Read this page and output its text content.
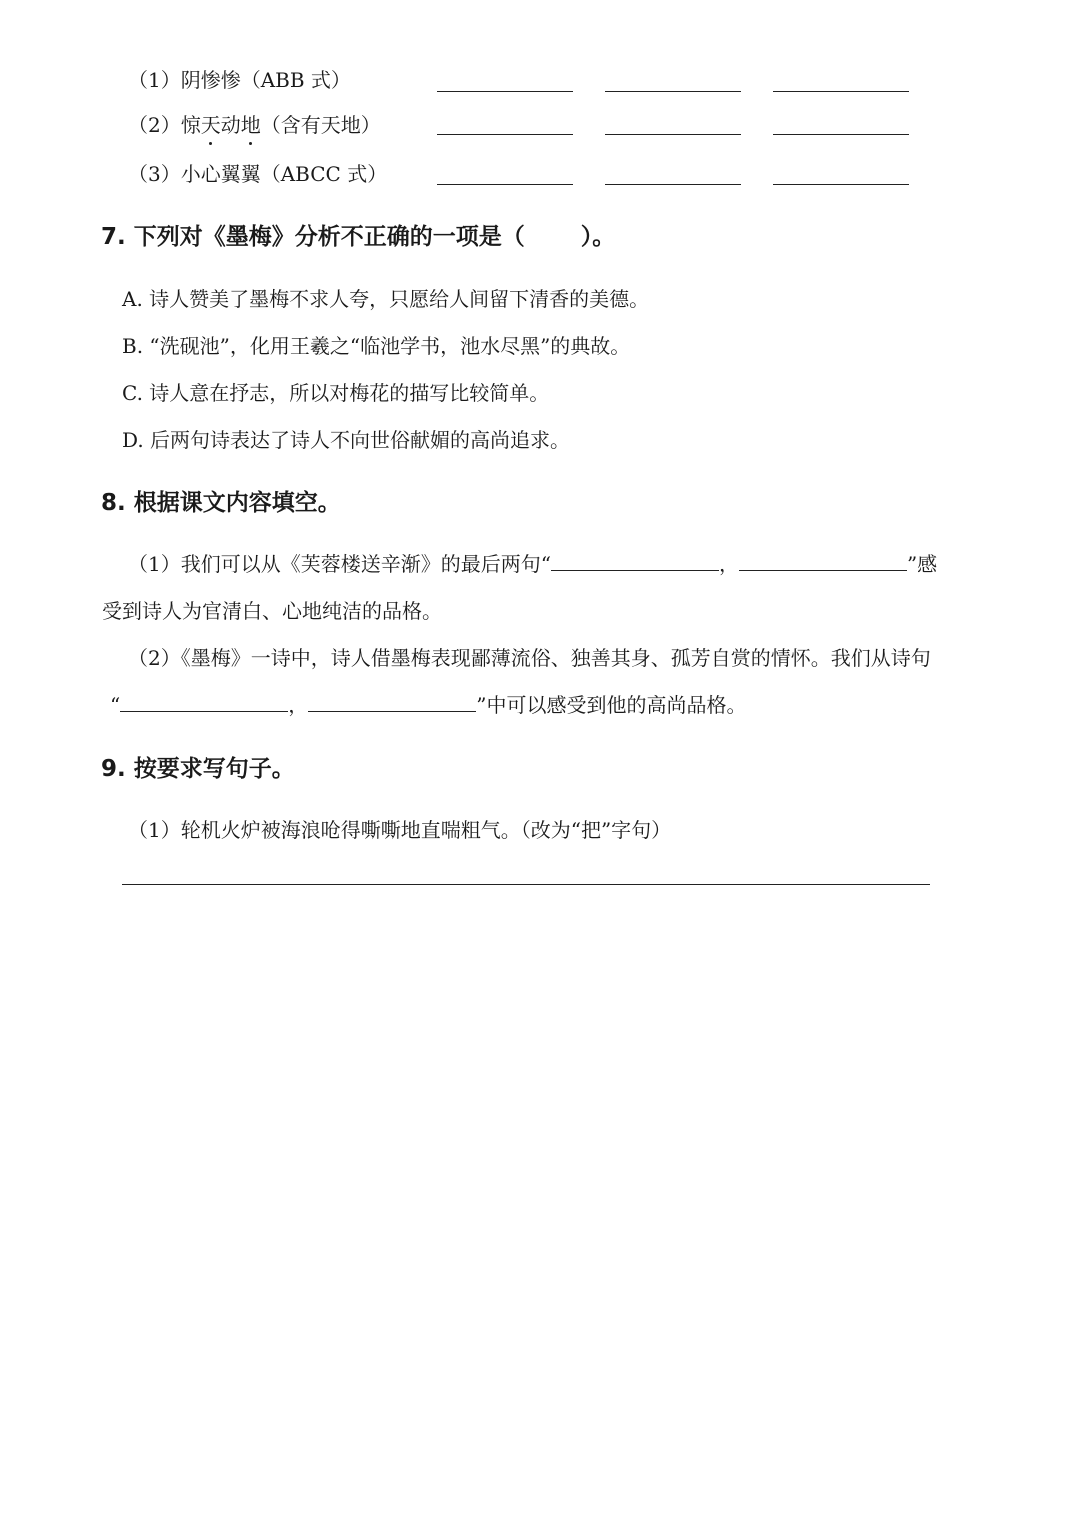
（1）阴惨惨（ABB 式）
（2）惊天动地（含有天地）
（3）小心翼翼（ABCC 式）
7. 下列对《墨梅》分析不正确的一项是（ ）。
A. 诗人赞美了墨梅不求人夸，只愿给人间留下清香的美德。
B. “洗砚池”，化用王羲之“临池学书，池水尽黑”的典故。
C. 诗人意在抒志，所以对梅花的描写比较简单。
D. 后两句诗表达了诗人不向世俗献媚的高尚追求。
8. 根据课文内容填空。
（1）我们可以从《芙蓉楼送辛渐》的最后两句“	，	”感
受到诗人为官清白、心地纯洁的品格。
（2）《墨梅》一诗中，诗人借墨梅表现鄙薄流俗、独善其身、孤芳自赏的情怀。我们从诗句
“	，	”中可以感受到他的高尚品格。
9. 按要求写句子。
（1）轮机火炉被海浪呛得嘶嘶地直喘粗气。（改为“把”字句）
